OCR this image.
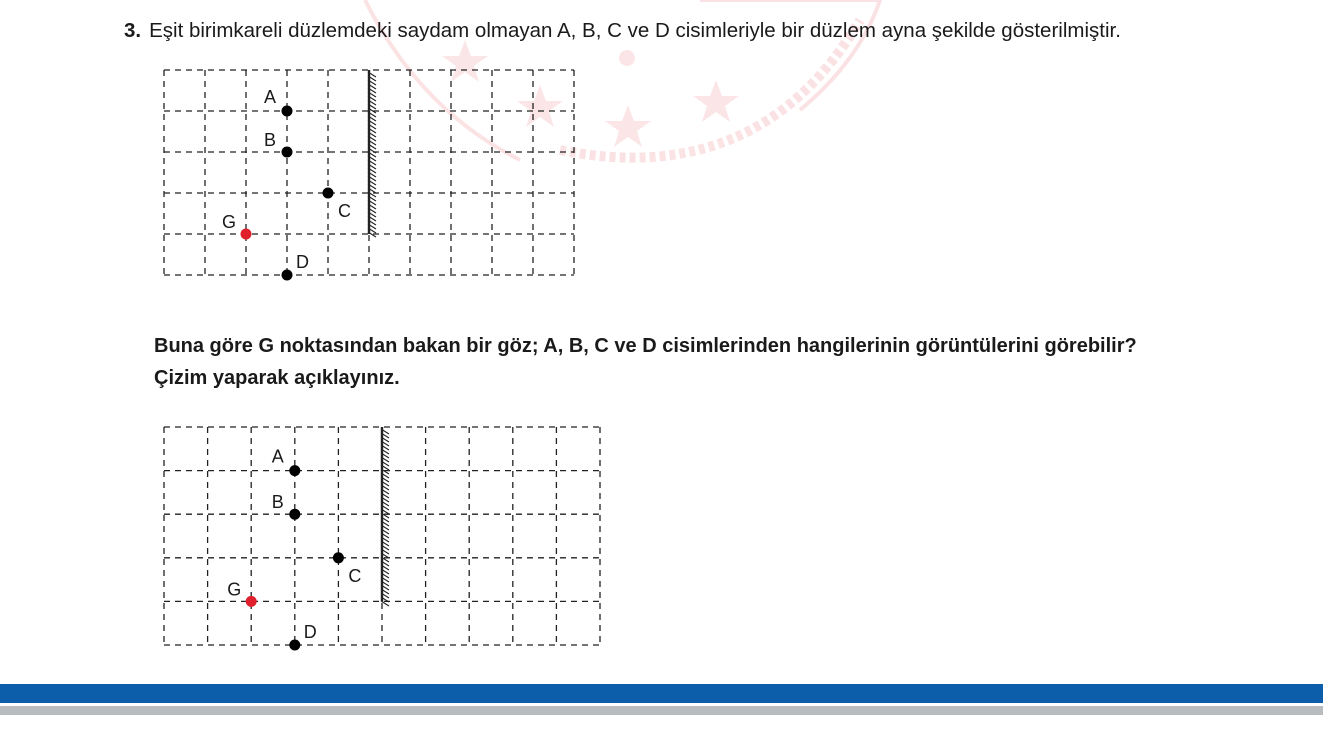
3. Eşit birimkareli düzlemdeki saydam olmayan A, B, C ve D cisimleriyle bir düzlem ayna şekilde gösterilmiştir.
A
B
C
G
D
Buna göre G noktasından bakan bir göz; A, B, C ve D cisimlerinden hangilerinin görüntülerini görebilir?
Çizim yaparak açıklayınız.
A
B
C
G
D
